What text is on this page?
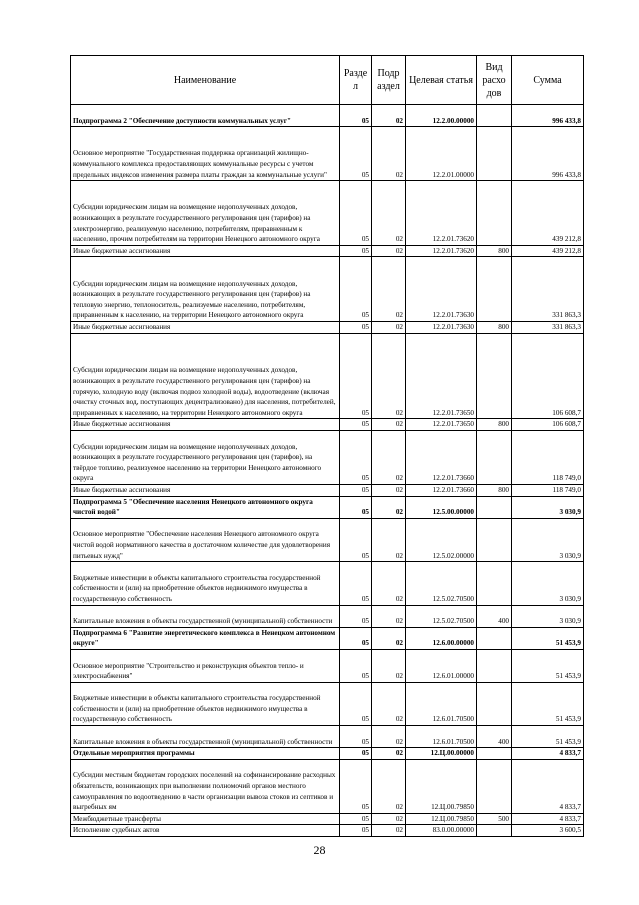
Наименование	Разде л	Подр аздел	Целевая статья	Вид расхо дов	Сумма
Подпрограмма 2 "Обеспечение доступности коммунальных услуг"	05	02	12.2.00.00000		996 433,8
Основное мероприятие "Государственная поддержка организаций жилищно-коммунального комплекса предоставляющих коммунальные ресурсы с учетом предельных индексов изменения размера платы граждан за коммунальные услуги"	05	02	12.2.01.00000		996 433,8
Субсидии юридическим лицам на возмещение недополученных доходов, возникающих в результате государственного регулирования цен (тарифов) на электроэнергию, реализуемую населению, потребителям, приравненным к населению, прочим потребителям на территории Ненецкого автономного округа	05	02	12.2.01.73620		439 212,8
Иные бюджетные ассигнования	05	02	12.2.01.73620	800	439 212,8
Субсидии юридическим лицам на возмещение недополученных доходов, возникающих в результате государственного регулирования цен (тарифов) на тепловую энергию, теплоноситель, реализуемые населению, потребителям, приравненным к населению, на территории Ненецкого автономного округа	05	02	12.2.01.73630		331 863,3
Иные бюджетные ассигнования	05	02	12.2.01.73630	800	331 863,3
Субсидии юридическим лицам на возмещение недополученных доходов, возникающих в результате государственного регулирования цен (тарифов) на горячую, холодную воду (включая подвоз холодной воды), водоотведение (включая очистку сточных вод, поступающих децентрализовано) для населения, потребителей, приравненных к населению, на территории Ненецкого автономного округа	05	02	12.2.01.73650		106 608,7
Иные бюджетные ассигнования	05	02	12.2.01.73650	800	106 608,7
Субсидии юридическим лицам на возмещение недополученных доходов, возникающих в результате государственного регулирования цен (тарифов), на твёрдое топливо, реализуемое населению на территории Ненецкого автономного округа	05	02	12.2.01.73660		118 749,0
Иные бюджетные ассигнования	05	02	12.2.01.73660	800	118 749,0
Подпрограмма 5 "Обеспечение населения Ненецкого автономного округа чистой водой"	05	02	12.5.00.00000		3 030,9
Основное мероприятие "Обеспечение населения Ненецкого автономного округа чистой водой нормативного качества в достаточном количестве для удовлетворения питьевых нужд"	05	02	12.5.02.00000		3 030,9
Бюджетные инвестиции в объекты капитального строительства государственной собственности и (или) на приобретение объектов недвижимого имущества в государственную собственность	05	02	12.5.02.70500		3 030,9
Капитальные вложения в объекты государственной (муниципальной) собственности	05	02	12.5.02.70500	400	3 030,9
Подпрограмма 6 "Развитие энергетического комплекса в Ненецком автономном округе"	05	02	12.6.00.00000		51 453,9
Основное мероприятие "Строительство и реконструкция объектов тепло- и электроснабжения"	05	02	12.6.01.00000		51 453,9
Бюджетные инвестиции в объекты капитального строительства государственной собственности и (или) на приобретение объектов недвижимого имущества в государственную собственность	05	02	12.6.01.70500		51 453,9
Капитальные вложения в объекты государственной (муниципальной) собственности	05	02	12.6.01.70500	400	51 453,9
Отдельные мероприятия программы	05	02	12.Ц.00.00000		4 833,7
Субсидии местным бюджетам городских поселений на софинансирование расходных обязательств, возникающих при выполнении полномочий органов местного самоуправления по водоотведению в части организации вывоза стоков из септиков и выгребных ям	05	02	12.Ц.00.79850		4 833,7
Межбюджетные трансферты	05	02	12.Ц.00.79850	500	4 833,7
Исполнение судебных актов	05	02	83.0.00.00000		3 600,5
28
